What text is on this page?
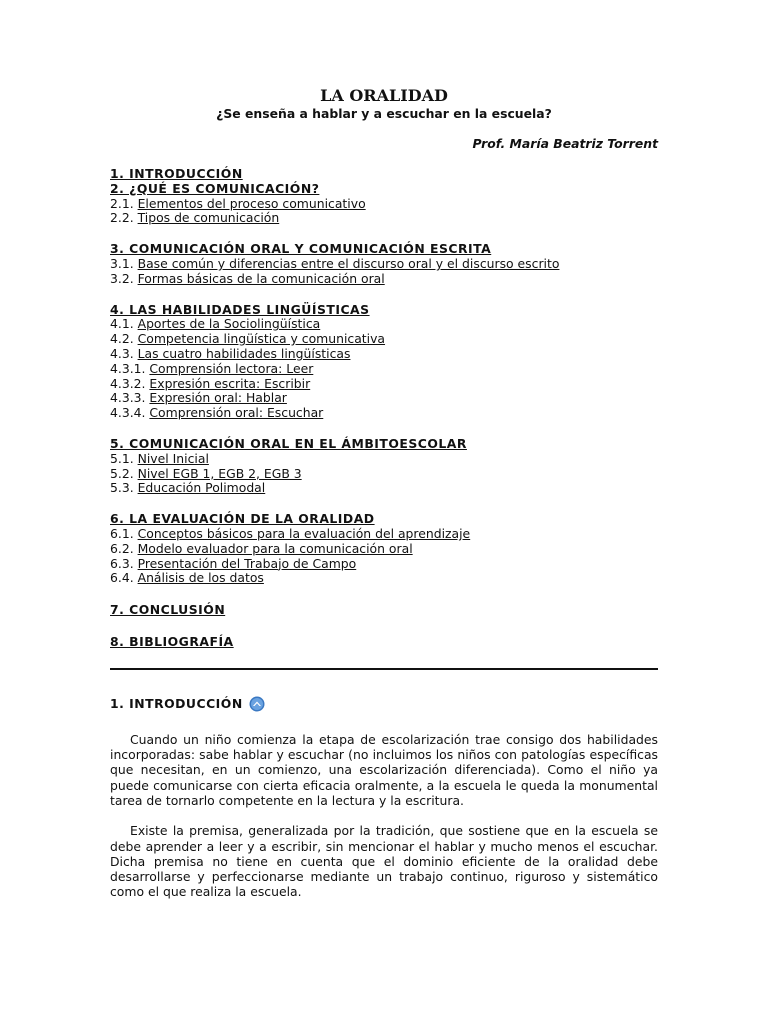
LA ORALIDAD
¿Se enseña a hablar y a escuchar en la escuela?
Prof. María Beatriz Torrent
1. INTRODUCCIÓN
2. ¿QUÉ ES COMUNICACIÓN?
2.1. Elementos del proceso comunicativo
2.2. Tipos de comunicación
3. COMUNICACIÓN ORAL Y COMUNICACIÓN ESCRITA
3.1. Base común y diferencias entre el discurso oral y el discurso escrito
3.2. Formas básicas de la comunicación oral
4. LAS HABILIDADES LINGÜÍSTICAS
4.1. Aportes de la Sociolingüística
4.2. Competencia lingüística y comunicativa
4.3. Las cuatro habilidades lingüísticas
4.3.1. Comprensión lectora: Leer
4.3.2. Expresión escrita: Escribir
4.3.3. Expresión oral: Hablar
4.3.4. Comprensión oral: Escuchar
5. COMUNICACIÓN ORAL EN EL ÁMBITOESCOLAR
5.1. Nivel Inicial
5.2. Nivel EGB 1, EGB 2, EGB 3
5.3. Educación Polimodal
6. LA EVALUACIÓN DE LA ORALIDAD
6.1. Conceptos básicos para la evaluación del aprendizaje
6.2. Modelo evaluador para la comunicación oral
6.3. Presentación del Trabajo de Campo
6.4. Análisis de los datos
7. CONCLUSIÓN
8. BIBLIOGRAFÍA
1. INTRODUCCIÓN

Cuando un niño comienza la etapa de escolarización trae consigo dos habilidades incorporadas: sabe hablar y escuchar (no incluimos los niños con patologías específicas que necesitan, en un comienzo, una escolarización diferenciada). Como el niño ya puede comunicarse con cierta eficacia oralmente, a la escuela le queda la monumental tarea de tornarlo competente en la lectura y la escritura.

Existe la premisa, generalizada por la tradición, que sostiene que en la escuela se debe aprender a leer y a escribir, sin mencionar el hablar y mucho menos el escuchar. Dicha premisa no tiene en cuenta que el dominio eficiente de la oralidad debe desarrollarse y perfeccionarse mediante un trabajo continuo, riguroso y sistemático como el que realiza la escuela.
